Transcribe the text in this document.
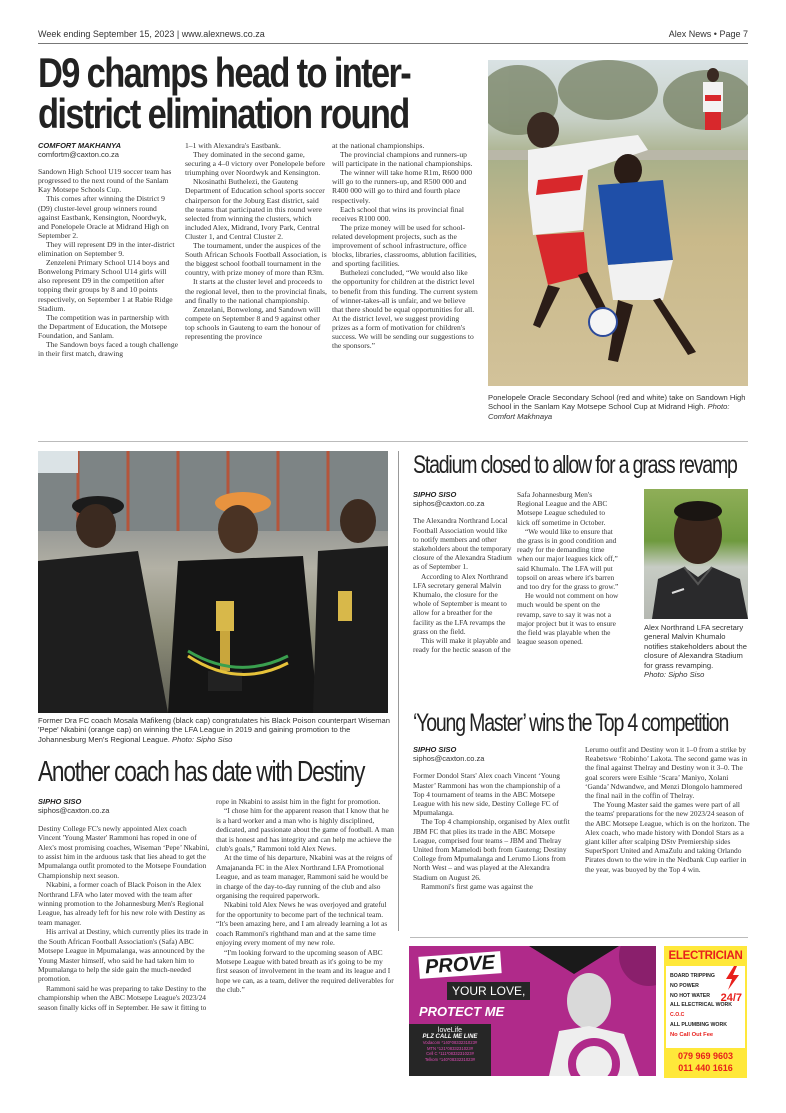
Week ending September 15, 2023 | www.alexnews.co.za	Alex News • Page 7
D9 champs head to inter-
district elimination round
COMFORT MAKHANYA
comfortm@caxton.co.za

Sandown High School U19 soccer team has progressed to the next round of the Sanlam Kay Motsepe Schools Cup.

This comes after winning the District 9 (D9) cluster-level group winners round against Eastbank, Kensington, Noordwyk, and Ponelopele Oracle at Midrand High on September 2.

They will represent D9 in the inter-district elimination on September 9.

Zenzeleni Primary School U14 boys and Bonwelong Primary School U14 girls will also represent D9 in the competition after topping their groups by 8 and 10 points respectively, on September 1 at Rabie Ridge Stadium.

The competition was in partnership with the Department of Education, the Motsepe Foundation, and Sanlam.

The Sandown boys faced a tough challenge in their first match, drawing

1–1 with Alexandra's Eastbank.

They dominated in the second game, securing a 4–0 victory over Ponelopele before triumphing over Noordwyk and Kensington.

Nkosinathi Buthelezi, the Gauteng Department of Education school sports soccer chairperson for the Joburg East district, said the teams that participated in this round were selected from winning the clusters, which included Alex, Midrand, Ivory Park, Central Cluster 1, and Central Cluster 2.

The tournament, under the auspices of the South African Schools Football Association, is the biggest school football tournament in the country, with prize money of more than R3m.

It starts at the cluster level and proceeds to the regional level, then to the provincial finals, and finally to the national championship.

Zenzelani, Bonwelong, and Sandown will compete on September 8 and 9 against other top schools in Gauteng to earn the honour of representing the province

at the national championships.

The provincial champions and runners-up will participate in the national championships.

The winner will take home R1m, R600 000 will go to the runners-up, and R500 000 and R400 000 will go to third and fourth place respectively.

Each school that wins its provincial final receives R100 000.

The prize money will be used for school-related development projects, such as the improvement of school infrastructure, office blocks, libraries, classrooms, ablution facilities, and sporting facilities.

Buthelezi concluded, “We would also like the opportunity for children at the district level to benefit from this funding. The current system of winner-takes-all is unfair, and we believe that there should be equal opportunities for all. At the district level, we suggest providing prizes as a form of motivation for children's success. We will be sending our suggestions to the sponsors.”

Ponelopele Oracle Secondary School (red and white) take on Sandown High School in the Sanlam Kay Motsepe School Cup at Midrand High. Photo: Comfort Makhnaya
Former Dra FC coach Mosala Mafikeng (black cap) congratulates his Black Poison counterpart Wiseman 'Pepe' Nkabini (orange cap) on winning the LFA League in 2019 and gaining promotion to the Johannesburg Men's Regional League. Photo: Sipho Siso
Stadium closed to allow for a grass revamp
SIPHO SISO
siphos@caxton.co.za

The Alexandra Northrand Local Football Association would like to notify members and other stakeholders about the temporary closure of the Alexandra Stadium as of September 1.

According to Alex Northrand LFA secretary general Malvin Khumalo, the closure for the whole of September is meant to allow for a breather for the facility as the LFA revamps the grass on the field.

This will make it playable and ready for the hectic season of the

Safa Johannesburg Men's Regional League and the ABC Motsepe League scheduled to kick off sometime in October.

“We would like to ensure that the grass is in good condition and ready for the demanding time when our major leagues kick off,” said Khumalo. The LFA will put topsoil on areas where it's barren and too dry for the grass to grow.”

He would not comment on how much would be spent on the revamp, save to say it was not a major project but it was to ensure the field was playable when the league season opened.

Alex Northrand LFA secretary general Malvin Khumalo notifies stakeholders about the closure of Alexandra Stadium for grass revamping.
Photo: Sipho Siso
‘Young Master’ wins the Top 4 competition
SIPHO SISO
siphos@caxton.co.za

Former Dondol Stars' Alex coach Vincent ‘Young Master’ Rammoni has won the championship of a Top 4 tournament of teams in the ABC Motsepe League with his new side, Destiny College FC of Mpumalanga.

The Top 4 championship, organised by Alex outfit JBM FC that plies its trade in the ABC Motsepe League, comprised four teams – JBM and Thelray United from Mamelodi both from Gauteng; Destiny College from Mpumalanga and Lerumo Lions from North West – and was played at the Alexandra Stadium on August 26.

Rammoni's first game was against the

Lerumo outfit and Destiny won it 1–0 from a strike by Reabetswe ‘Robinho’ Lakota. The second game was in the final against Thelray and Destiny won it 3–0. The goal scorers were Esihle ‘Scara’ Maniyo, Xolani ‘Ganda’ Ndwandwe, and Menzi Dlongolo hammered the final nail in the coffin of Thelray.

The Young Master said the games were part of all the teams' preparations for the new 2023/24 season of the ABC Motsepe League, which is on the horizon. The Alex coach, who made history with Dondol Stars as a giant killer after scalping DStv Premiership sides SuperSport United and AmaZulu and taking Orlando Pirates down to the wire in the Nedbank Cup earlier in the year, was buoyed by the Top 4 win.

Another coach has date with Destiny
SIPHO SISO
siphos@caxton.co.za

Destiny College FC's newly appointed Alex coach Vincent 'Young Master' Rammoni has roped in one of Alex's most promising coaches, Wiseman ‘Pepe’ Nkabini, to assist him in the arduous task that lies ahead to get the Mpumalanga outfit promoted to the Motsepe Foundation Championship next season.

Nkabini, a former coach of Black Poison in the Alex Northrand LFA who later moved with the team after winning promotion to the Johannesburg Men's Regional League, has already left for his new role with Destiny as team manager.

His arrival at Destiny, which currently plies its trade in the South African Football Association's (Safa) ABC Motsepe League in Mpumalanga, was announced by the Young Master himself, who said he had taken him to Mpumalanga to help the side gain the much-needed promotion.

Rammoni said he was preparing to take Destiny to the championship when the ABC Motsepe League's 2023/24 season finally kicks off in September. He saw it fitting to

rope in Nkabini to assist him in the fight for promotion.

“I chose him for the apparent reason that I know that he is a hard worker and a man who is highly disciplined, dedicated, and passionate about the game of football. A man that is honest and has integrity and can help me achieve the club's goals,” Rammoni told Alex News.

At the time of his departure, Nkabini was at the reigns of Amajananda FC in the Alex Northrand LFA Promotional League, and as team manager, Rammoni said he would be in charge of the day-to-day running of the club and also organising the required paperwork.

Nkabini told Alex News he was overjoyed and grateful for the opportunity to become part of the technical team. “It's been amazing here, and I am already learning a lot as coach Rammoni's righthand man and at the same time enjoying every moment of my new role.

“I'm looking forward to the upcoming season of ABC Motsepe League with bated breath as it's going to be my first season of involvement in the team and its league and I hope we can, as a team, deliver the required deliverables for the club.”

PROVE
YOUR LOVE,
PROTECT ME
loveLife
PLZ CALL ME LINE
Vodacom *140*0833231023#
MTN *121*0833231023#
Cell C *111*0833231023#
Telkom *140*0833231023#
ELECTRICIAN
BOARD TRIPPING
NO POWER
NO HOT WATER
ALL ELECTRICAL WORK
C.O.C
ALL PLUMBING WORK
No Call Out Fee
24/7
079 969 9603
011 440 1616
